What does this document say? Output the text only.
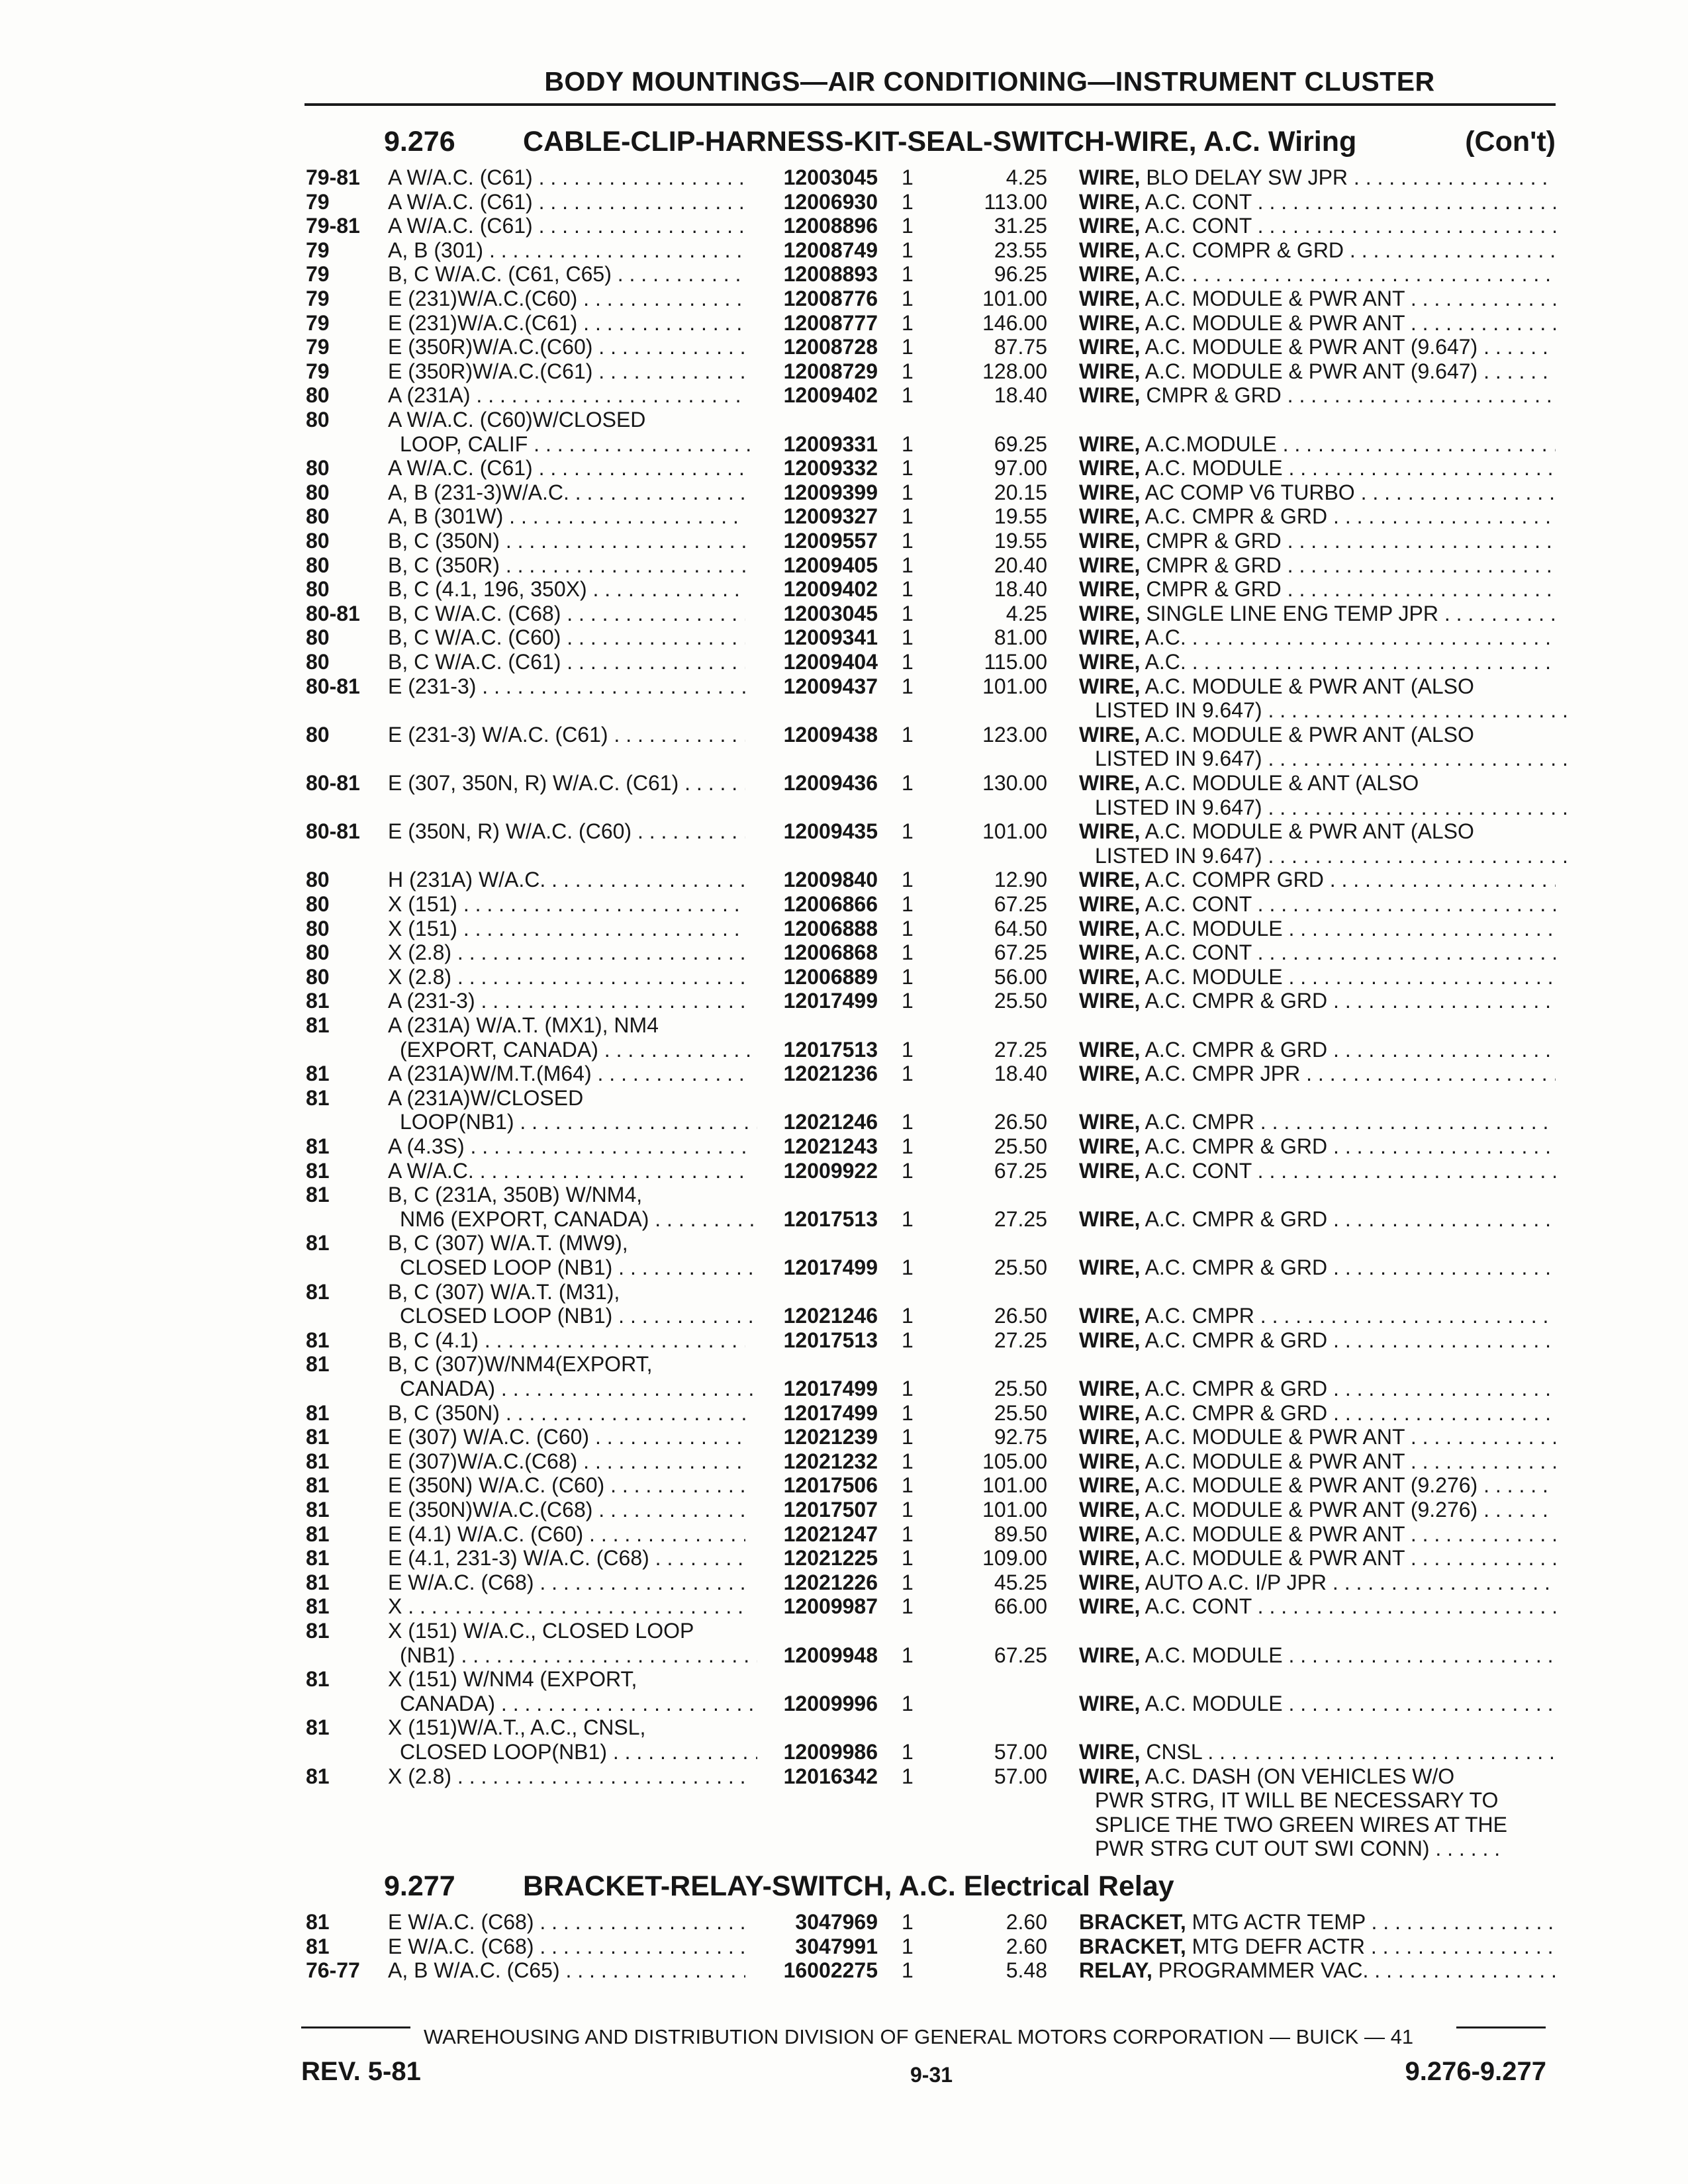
BODY MOUNTINGS—AIR CONDITIONING—INSTRUMENT CLUSTER
9.276 CABLE-CLIP-HARNESS-KIT-SEAL-SWITCH-WIRE, A.C. Wiring	(Con't)
79-81	A W/A.C. (C61) . . .	12003045 1	4.25 WIRE, BLO DELAY SW JPR . . .
79	A W/A.C. (C61) . . .	12006930 1	113.00 WIRE, A.C. CONT . . .
79-81	A W/A.C. (C61) . . .	12008896 1	31.25 WIRE, A.C. CONT . . .
79	A, B (301) . . .	12008749 1	23.55 WIRE, A.C. COMPR & GRD . . .
79	B, C W/A.C. (C61, C65) . . .	12008893 1	96.25 WIRE, A.C. . . .
79	E (231)W/A.C.(C60) . . .	12008776 1	101.00 WIRE, A.C. MODULE & PWR ANT . . .
79	E (231)W/A.C.(C61) . . .	12008777 1	146.00 WIRE, A.C. MODULE & PWR ANT . . .
79	E (350R)W/A.C.(C60) . . .	12008728 1	87.75 WIRE, A.C. MODULE & PWR ANT (9.647) . . . .
79	E (350R)W/A.C.(C61) . . .	12008729 1	128.00 WIRE, A.C. MODULE & PWR ANT (9.647) . . . .
80	A (231A) . . .	12009402 1	18.40 WIRE, CMPR & GRD . . .
80	A W/A.C. (C60)W/CLOSED
LOOP, CALIF . . .	12009331 1	69.25 WIRE, A.C.MODULE . . .
80	A W/A.C. (C61) . . .	12009332 1	97.00 WIRE, A.C. MODULE . . .
80	A, B (231-3)W/A.C. . . .	12009399 1	20.15 WIRE, AC COMP V6 TURBO . . .
80	A, B (301W) . . .	12009327 1	19.55 WIRE, A.C. CMPR & GRD . . .
80	B, C (350N) . . .	12009557 1	19.55 WIRE, CMPR & GRD . . .
80	B, C (350R) . . .	12009405 1	20.40 WIRE, CMPR & GRD . . .
80	B, C (4.1, 196, 350X) . . .	12009402 1	18.40 WIRE, CMPR & GRD . . .
80-81	B, C W/A.C. (C68) . . .	12003045 1	4.25 WIRE, SINGLE LINE ENG TEMP JPR . . .
80	B, C W/A.C. (C60) . . .	12009341 1	81.00 WIRE, A.C. . . .
80	B, C W/A.C. (C61) . . .	12009404 1	115.00 WIRE, A.C. . . .
80-81	E (231-3) . . .	12009437 1	101.00 WIRE, A.C. MODULE & PWR ANT (ALSO
LISTED IN 9.647) . . .
80	E (231-3) W/A.C. (C61) . . .	12009438 1	123.00 WIRE, A.C. MODULE & PWR ANT (ALSO
LISTED IN 9.647) . . .
80-81	E (307, 350N, R) W/A.C. (C61) . . .	12009436 1	130.00 WIRE, A.C. MODULE & ANT (ALSO
LISTED IN 9.647) . . .
80-81	E (350N, R) W/A.C. (C60) . . .	12009435 1	101.00 WIRE, A.C. MODULE & PWR ANT (ALSO
LISTED IN 9.647) . . .
80	H (231A) W/A.C. . . .	12009840 1	12.90 WIRE, A.C. COMPR GRD . . .
80	X (151) . . .	12006866 1	67.25 WIRE, A.C. CONT . . .
80	X (151) . . .	12006888 1	64.50 WIRE, A.C. MODULE . . .
80	X (2.8) . . .	12006868 1	67.25 WIRE, A.C. CONT . . .
80	X (2.8) . . .	12006889 1	56.00 WIRE, A.C. MODULE . . .
81	A (231-3) . . .	12017499 1	25.50 WIRE, A.C. CMPR & GRD . . .
81	A (231A) W/A.T. (MX1), NM4
(EXPORT, CANADA) . . .	12017513 1	27.25 WIRE, A.C. CMPR & GRD . . .
81	A (231A)W/M.T.(M64) . . .	12021236 1	18.40 WIRE, A.C. CMPR JPR . . .
81	A (231A)W/CLOSED
LOOP(NB1) . . .	12021246 1	26.50 WIRE, A.C. CMPR . . .
81	A (4.3S) . . .	12021243 1	25.50 WIRE, A.C. CMPR & GRD . . .
81	A W/A.C. . . .	12009922 1	67.25 WIRE, A.C. CONT . . .
81	B, C (231A, 350B) W/NM4,
NM6 (EXPORT, CANADA) . . .	12017513 1	27.25 WIRE, A.C. CMPR & GRD . . .
81	B, C (307) W/A.T. (MW9),
CLOSED LOOP (NB1) . . .	12017499 1	25.50 WIRE, A.C. CMPR & GRD . . .
81	B, C (307) W/A.T. (M31),
CLOSED LOOP (NB1) . . .	12021246 1	26.50 WIRE, A.C. CMPR . . .
81	B, C (4.1) . . .	12017513 1	27.25 WIRE, A.C. CMPR & GRD . . .
81	B, C (307)W/NM4(EXPORT,
CANADA) . . .	12017499 1	25.50 WIRE, A.C. CMPR & GRD . . .
81	B, C (350N) . . .	12017499 1	25.50 WIRE, A.C. CMPR & GRD . . .
81	E (307) W/A.C. (C60) . . .	12021239 1	92.75 WIRE, A.C. MODULE & PWR ANT . . .
81	E (307)W/A.C.(C68) . . .	12021232 1	105.00 WIRE, A.C. MODULE & PWR ANT . . .
81	E (350N) W/A.C. (C60) . . .	12017506 1	101.00 WIRE, A.C. MODULE & PWR ANT (9.276) . . . .
81	E (350N)W/A.C.(C68) . . .	12017507 1	101.00 WIRE, A.C. MODULE & PWR ANT (9.276) . . . .
81	E (4.1) W/A.C. (C60) . . .	12021247 1	89.50 WIRE, A.C. MODULE & PWR ANT . . .
81	E (4.1, 231-3) W/A.C. (C68) . . .	12021225 1	109.00 WIRE, A.C. MODULE & PWR ANT . . .
81	E W/A.C. (C68) . . .	12021226 1	45.25 WIRE, AUTO A.C. I/P JPR . . .
81	X . . .	12009987 1	66.00 WIRE, A.C. CONT . . .
81	X (151) W/A.C., CLOSED LOOP
(NB1) . . .	12009948 1	67.25 WIRE, A.C. MODULE . . .
81	X (151) W/NM4 (EXPORT,
CANADA) . . .	12009996 1	WIRE, A.C. MODULE . . .
81	X (151)W/A.T., A.C., CNSL,
CLOSED LOOP(NB1) . . .	12009986 1	57.00 WIRE, CNSL . . .
81	X (2.8) . . .	12016342 1	57.00 WIRE, A.C. DASH (ON VEHICLES W/O
PWR STRG, IT WILL BE NECESSARY TO
SPLICE THE TWO GREEN WIRES AT THE
PWR STRG CUT OUT SWI CONN) . . . . . .
9.277 BRACKET-RELAY-SWITCH, A.C. Electrical Relay
81	E W/A.C. (C68) . . .	3047969 1	2.60 BRACKET, MTG ACTR TEMP . . .
81	E W/A.C. (C68) . . .	3047991 1	2.60 BRACKET, MTG DEFR ACTR . . .
76-77	A, B W/A.C. (C65) . . .	16002275 1	5.48 RELAY, PROGRAMMER VAC. . . .
WAREHOUSING AND DISTRIBUTION DIVISION OF GENERAL MOTORS CORPORATION — BUICK — 41
REV. 5-81	9-31	9.276-9.277
